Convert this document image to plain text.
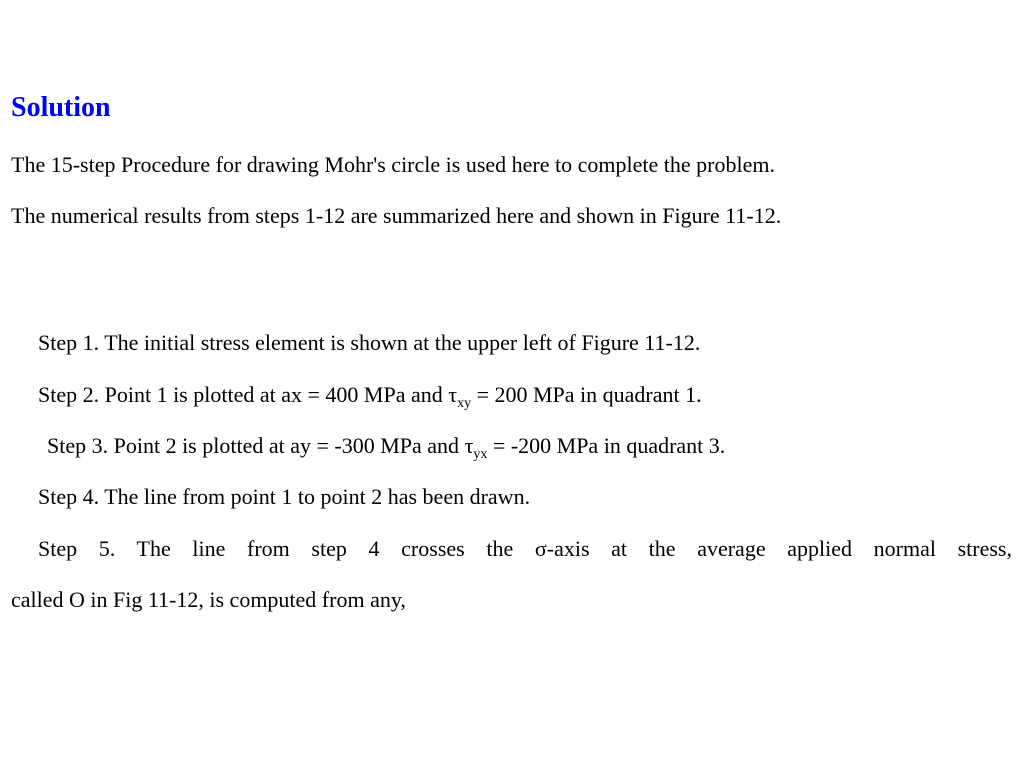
Solution
The 15-step Procedure for drawing Mohr's circle is used here to complete the problem.
The numerical results from steps 1-12 are summarized here and shown in Figure 11-12.
Step 1. The initial stress element is shown at the upper left of Figure 11-12.
Step 2. Point 1 is plotted at ax = 400 MPa and $\tau_{xy} = 200$ MPa in quadrant 1.
Step 3. Point 2 is plotted at ay = -300 MPa and $\tau_{yx} = -200$ MPa in quadrant 3.
Step 4. The line from point 1 to point 2 has been drawn.
Step 5. The line from step 4 crosses the σ-axis at the average applied normal stress,
called O in Fig 11-12, is computed from any,
